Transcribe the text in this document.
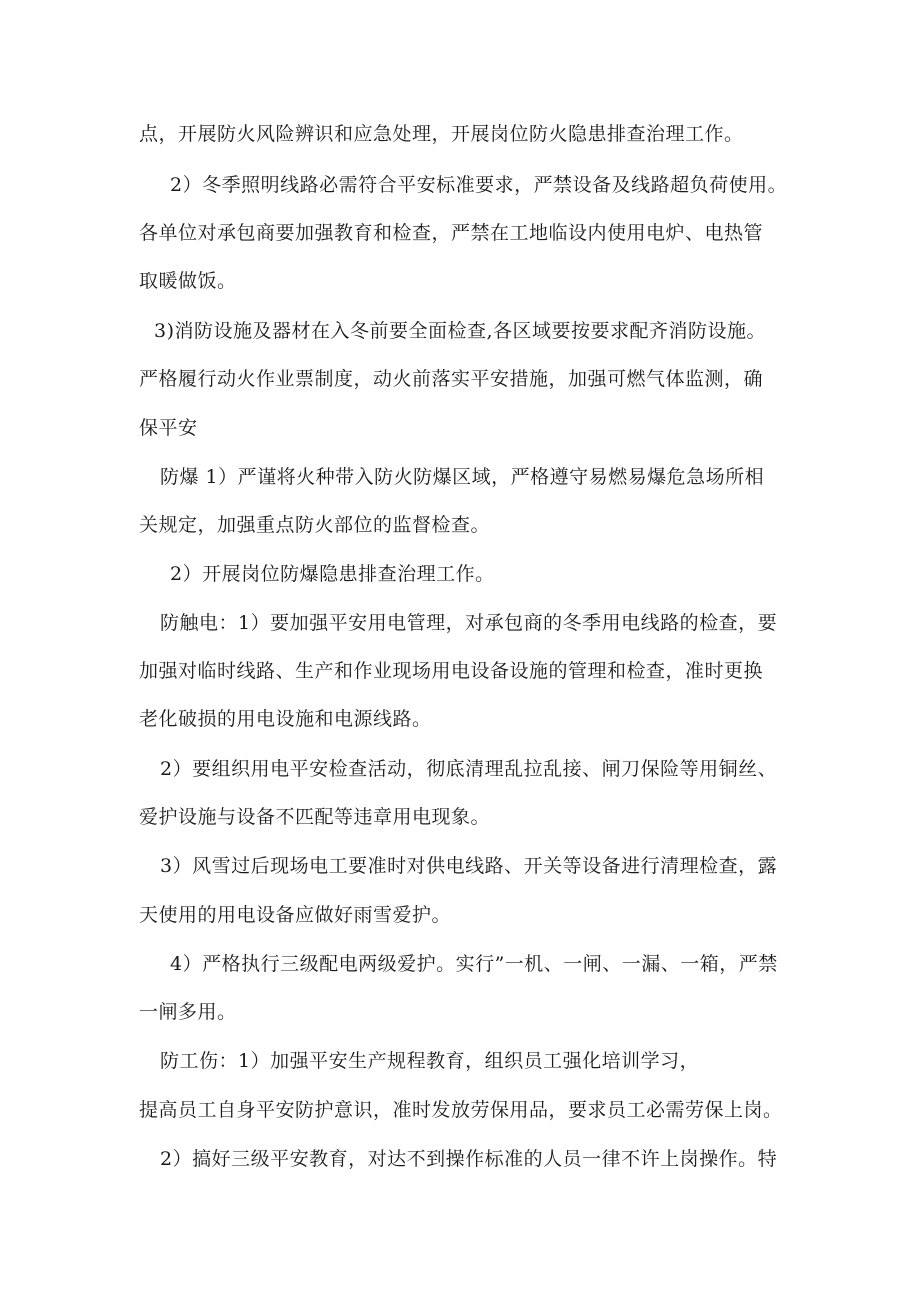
点，开展防火风险辨识和应急处理，开展岗位防火隐患排查治理工作。
2）冬季照明线路必需符合平安标准要求，严禁设备及线路超负荷使用。
各单位对承包商要加强教育和检查，严禁在工地临设内使用电炉、电热管
取暖做饭。
3)消防设施及器材在入冬前要全面检查,各区域要按要求配齐消防设施。
严格履行动火作业票制度，动火前落实平安措施，加强可燃气体监测，确
保平安
防爆 1）严谨将火种带入防火防爆区域，严格遵守易燃易爆危急场所相
关规定，加强重点防火部位的监督检查。
2）开展岗位防爆隐患排查治理工作。
防触电：1）要加强平安用电管理，对承包商的冬季用电线路的检查，要
加强对临时线路、生产和作业现场用电设备设施的管理和检查，准时更换
老化破损的用电设施和电源线路。
2）要组织用电平安检查活动，彻底清理乱拉乱接、闸刀保险等用铜丝、
爱护设施与设备不匹配等违章用电现象。
3）风雪过后现场电工要准时对供电线路、开关等设备进行清理检查，露
天使用的用电设备应做好雨雪爱护。
4）严格执行三级配电两级爱护。实行”一机、一闸、一漏、一箱，严禁
一闸多用。
防工伤：1）加强平安生产规程教育，组织员工强化培训学习，
提高员工自身平安防护意识，准时发放劳保用品，要求员工必需劳保上岗。
2）搞好三级平安教育，对达不到操作标准的人员一律不许上岗操作。特
